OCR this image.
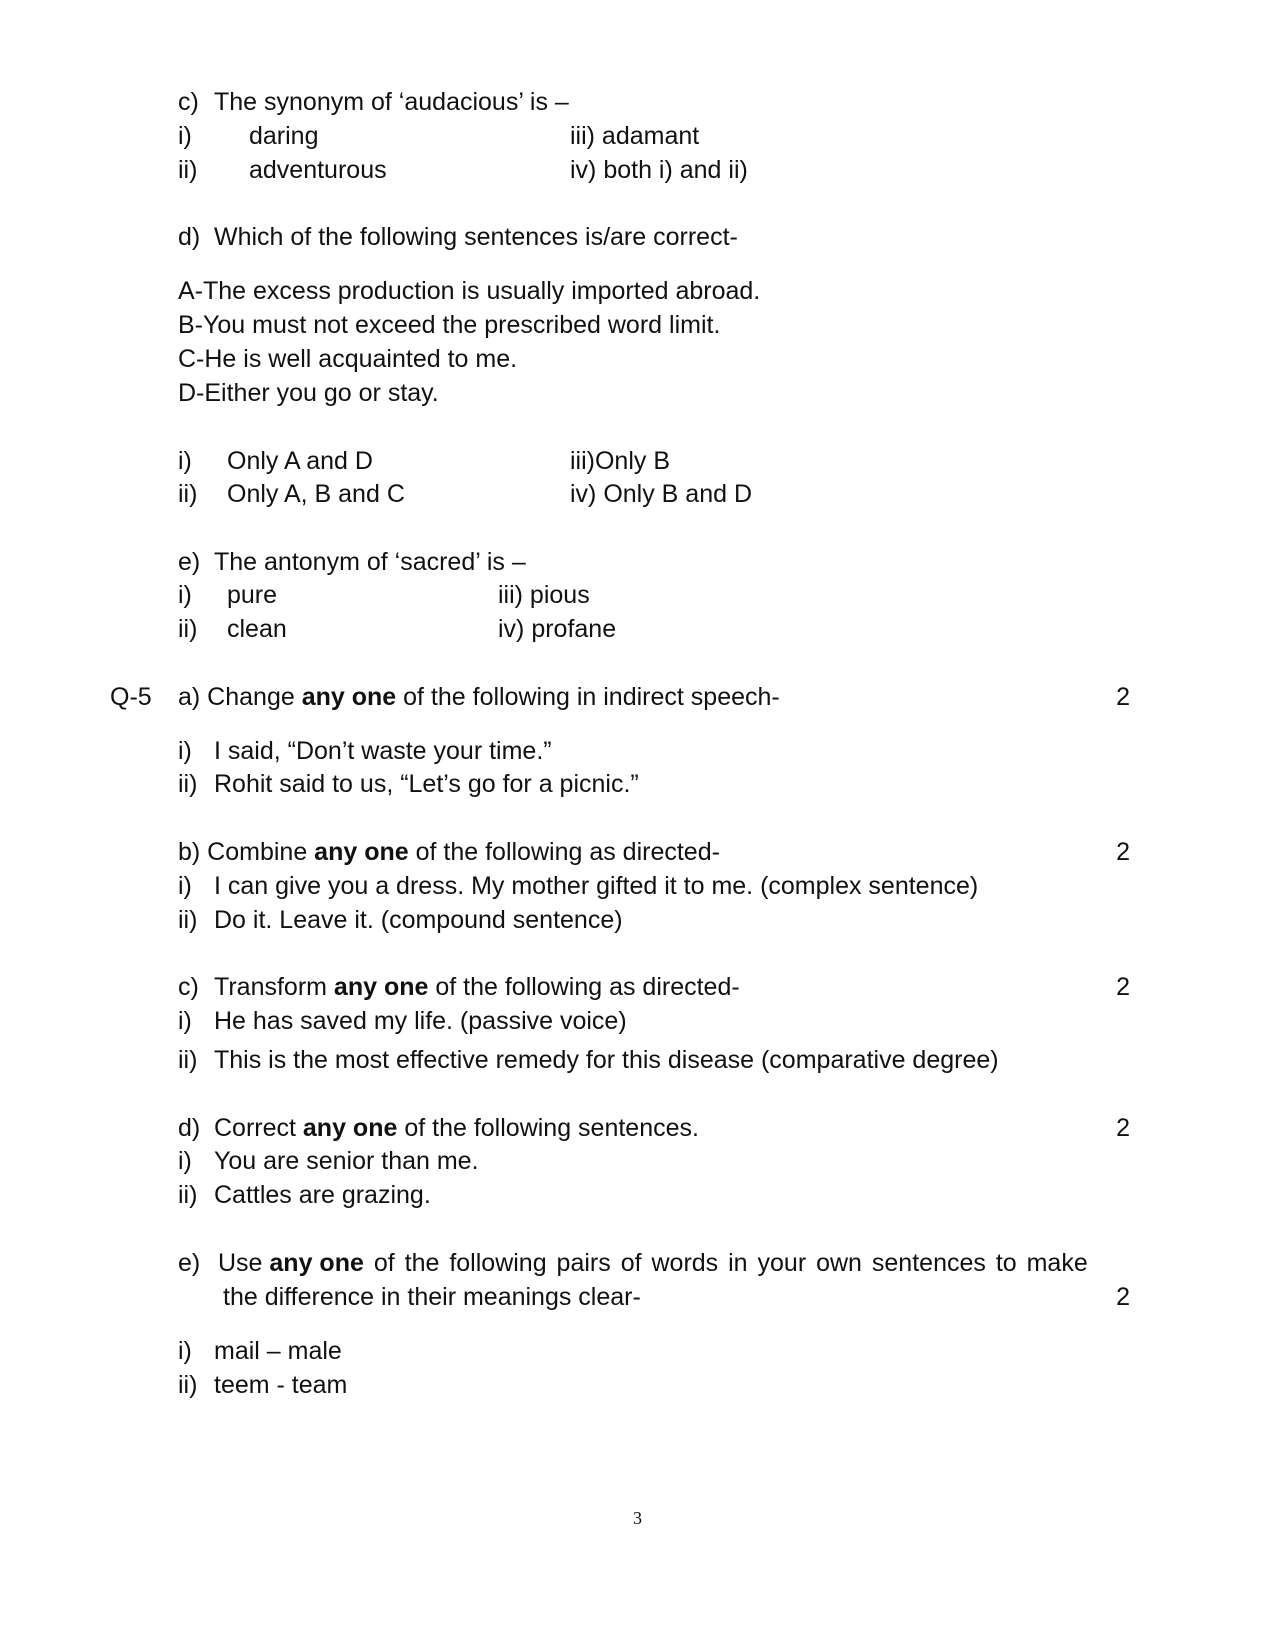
c) The synonym of ‘audacious’ is –
i) daring	iii) adamant
ii) adventurous	iv) both i) and ii)
d) Which of the following sentences is/are correct-
A-The excess production is usually imported abroad.
B-You must not exceed the prescribed word limit.
C-He is well acquainted to me.
D-Either you go or stay.
i) Only A and D	iii)Only B
ii) Only A, B and C	iv) Only B and D
e) The antonym of ‘sacred’ is –
i) pure	iii) pious
ii) clean	iv) profane
Q-5 a) Change any one of the following in indirect speech-	2
i) I said, “Don’t waste your time.”
ii) Rohit said to us, “Let’s go for a picnic.”
b) Combine any one of the following as directed-	2
i) I can give you a dress. My mother gifted it to me. (complex sentence)
ii) Do it. Leave it. (compound sentence)
c) Transform any one of the following as directed-	2
i) He has saved my life. (passive voice)
ii) This is the most effective remedy for this disease (comparative degree)
d) Correct any one of the following sentences.	2
i) You are senior than me.
ii) Cattles are grazing.
e) Use any one of the following pairs of words in your own sentences to make
the difference in their meanings clear-	2
i) mail – male
ii) teem - team
3
